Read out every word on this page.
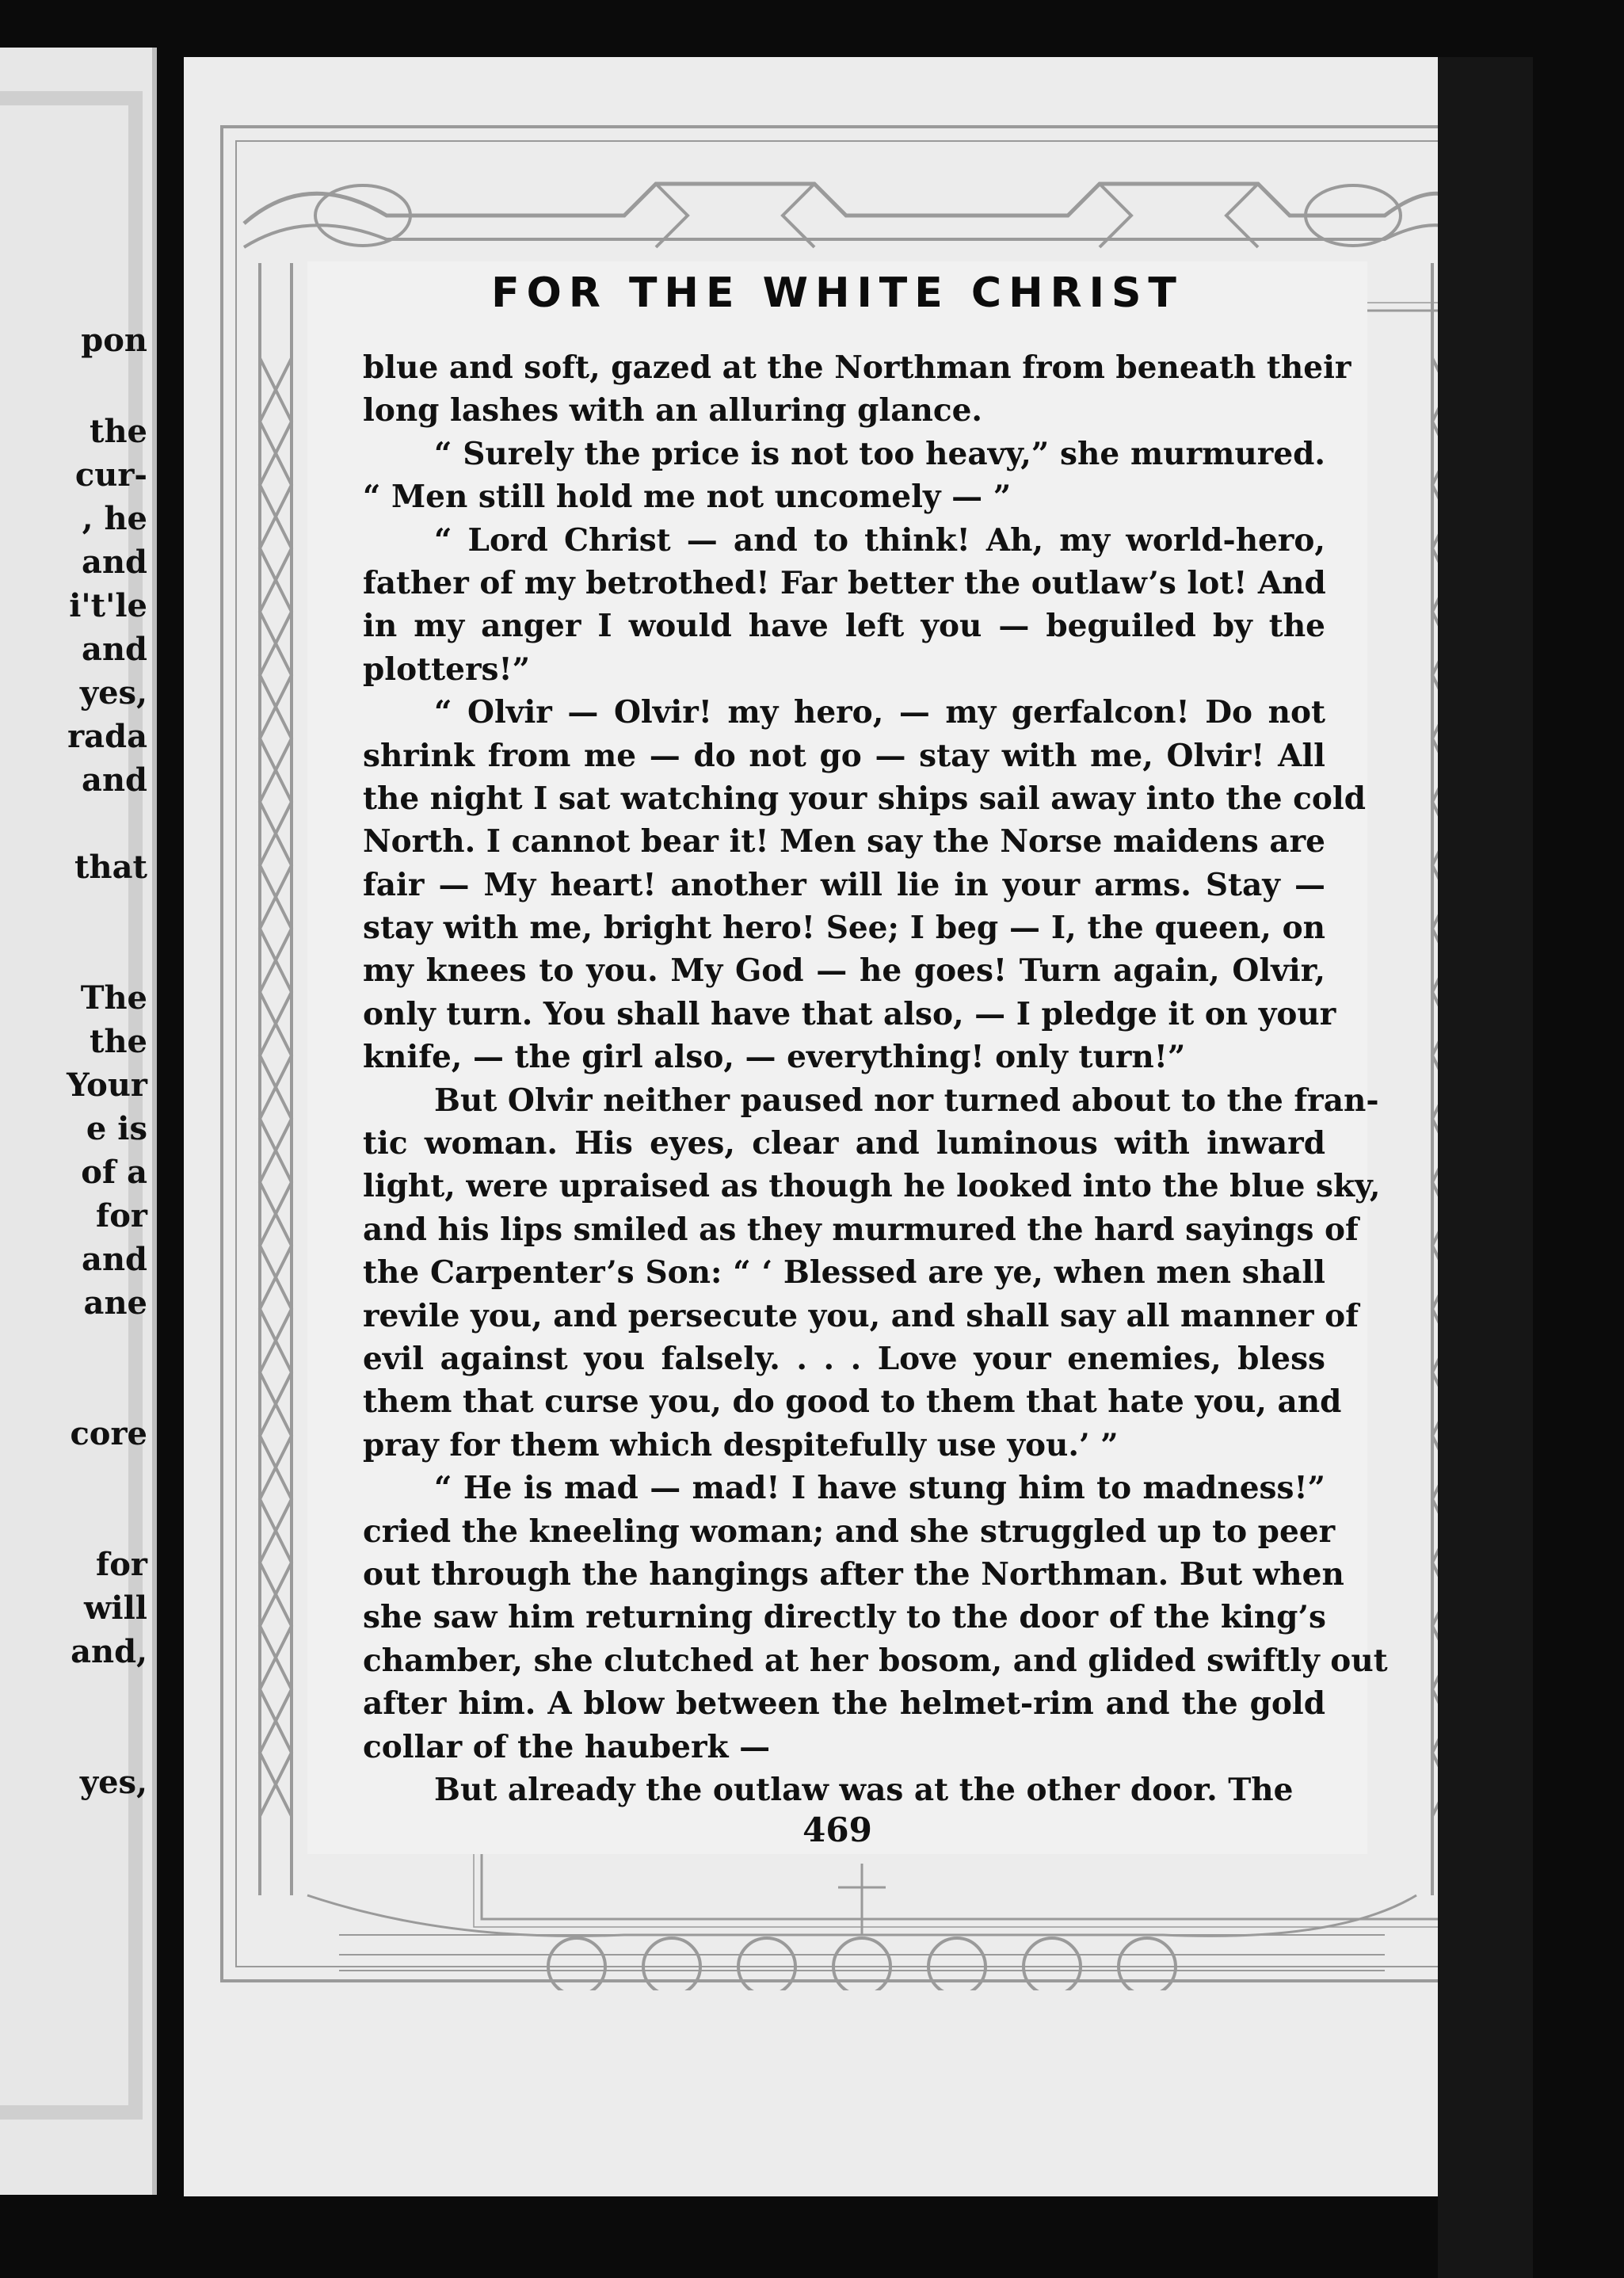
pon
the
cur-
, he
and
i't'le
and
yes,
rada
and
that
The
the
Your
e is
of a
for
and
ane
core
for
will
and,
yes,
FOR THE WHITE CHRIST
blue and soft, gazed at the Northman from beneath their
long lashes with an alluring glance.
“ Surely the price is not too heavy,” she murmured.
“ Men still hold me not uncomely — ”
“ Lord Christ — and to think! Ah, my world-hero,
father of my betrothed! Far better the outlaw’s lot! And
in my anger I would have left you — beguiled by the
plotters!”
“ Olvir — Olvir! my hero, — my gerfalcon! Do not
shrink from me — do not go — stay with me, Olvir! All
the night I sat watching your ships sail away into the cold
North. I cannot bear it! Men say the Norse maidens are
fair — My heart! another will lie in your arms. Stay —
stay with me, bright hero! See; I beg — I, the queen, on
my knees to you. My God — he goes! Turn again, Olvir,
only turn. You shall have that also, — I pledge it on your
knife, — the girl also, — everything! only turn!”
But Olvir neither paused nor turned about to the fran-
tic woman. His eyes, clear and luminous with inward
light, were upraised as though he looked into the blue sky,
and his lips smiled as they murmured the hard sayings of
the Carpenter’s Son: “ ‘ Blessed are ye, when men shall
revile you, and persecute you, and shall say all manner of
evil against you falsely. . . . Love your enemies, bless
them that curse you, do good to them that hate you, and
pray for them which despitefully use you.’ ”
“ He is mad — mad! I have stung him to madness!”
cried the kneeling woman; and she struggled up to peer
out through the hangings after the Northman. But when
she saw him returning directly to the door of the king’s
chamber, she clutched at her bosom, and glided swiftly out
after him. A blow between the helmet-rim and the gold
collar of the hauberk —
But already the outlaw was at the other door. The
469
